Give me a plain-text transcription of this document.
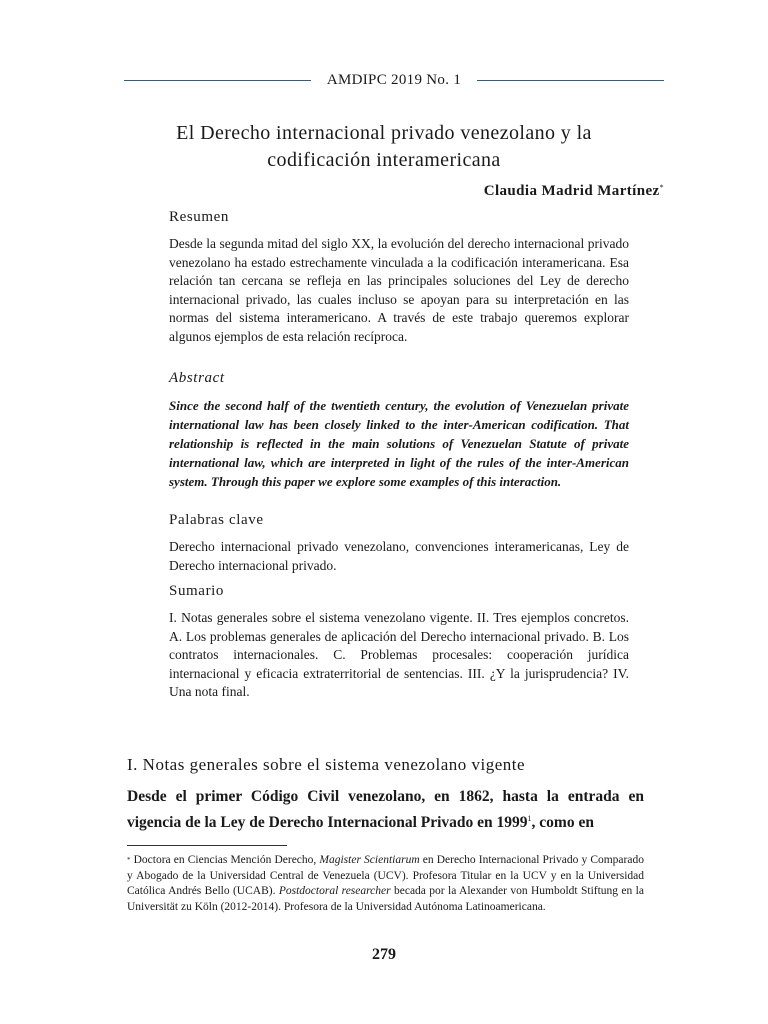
AMDIPC 2019 No. 1
El Derecho internacional privado venezolano y la
codificación interamericana
Claudia Madrid Martínez*
Resumen

Desde la segunda mitad del siglo XX, la evolución del derecho internacional privado venezolano ha estado estrechamente vinculada a la codificación interamericana. Esa relación tan cercana se refleja en las principales soluciones del Ley de derecho internacional privado, las cuales incluso se apoyan para su interpretación en las normas del sistema interamericano. A través de este trabajo queremos explorar algunos ejemplos de esta relación recíproca.

Abstract

Since the second half of the twentieth century, the evolution of Venezuelan private international law has been closely linked to the inter-American codification. That relationship is reflected in the main solutions of Venezuelan Statute of private international law, which are interpreted in light of the rules of the inter-American system. Through this paper we explore some examples of this interaction.

Palabras clave

Derecho internacional privado venezolano, convenciones interamericanas, Ley de Derecho internacional privado.

Sumario

I. Notas generales sobre el sistema venezolano vigente. II. Tres ejemplos concretos. A. Los problemas generales de aplicación del Derecho internacional privado. B. Los contratos internacionales. C. Problemas procesales: cooperación jurídica internacional y eficacia extraterritorial de sentencias. III. ¿Y la jurisprudencia? IV. Una nota final.

I. Notas generales sobre el sistema venezolano vigente

Desde el primer Código Civil venezolano, en 1862, hasta la entrada en vigencia de la Ley de Derecho Internacional Privado en 1999$^1$, como en

* Doctora en Ciencias Mención Derecho, Magister Scientiarum en Derecho Internacional Privado y Comparado y Abogado de la Universidad Central de Venezuela (UCV). Profesora Titular en la UCV y en la Universidad Católica Andrés Bello (UCAB). Postdoctoral researcher becada por la Alexander von Humboldt Stiftung en la Universität zu Köln (2012-2014). Profesora de la Universidad Autónoma Latinoamericana.

279
